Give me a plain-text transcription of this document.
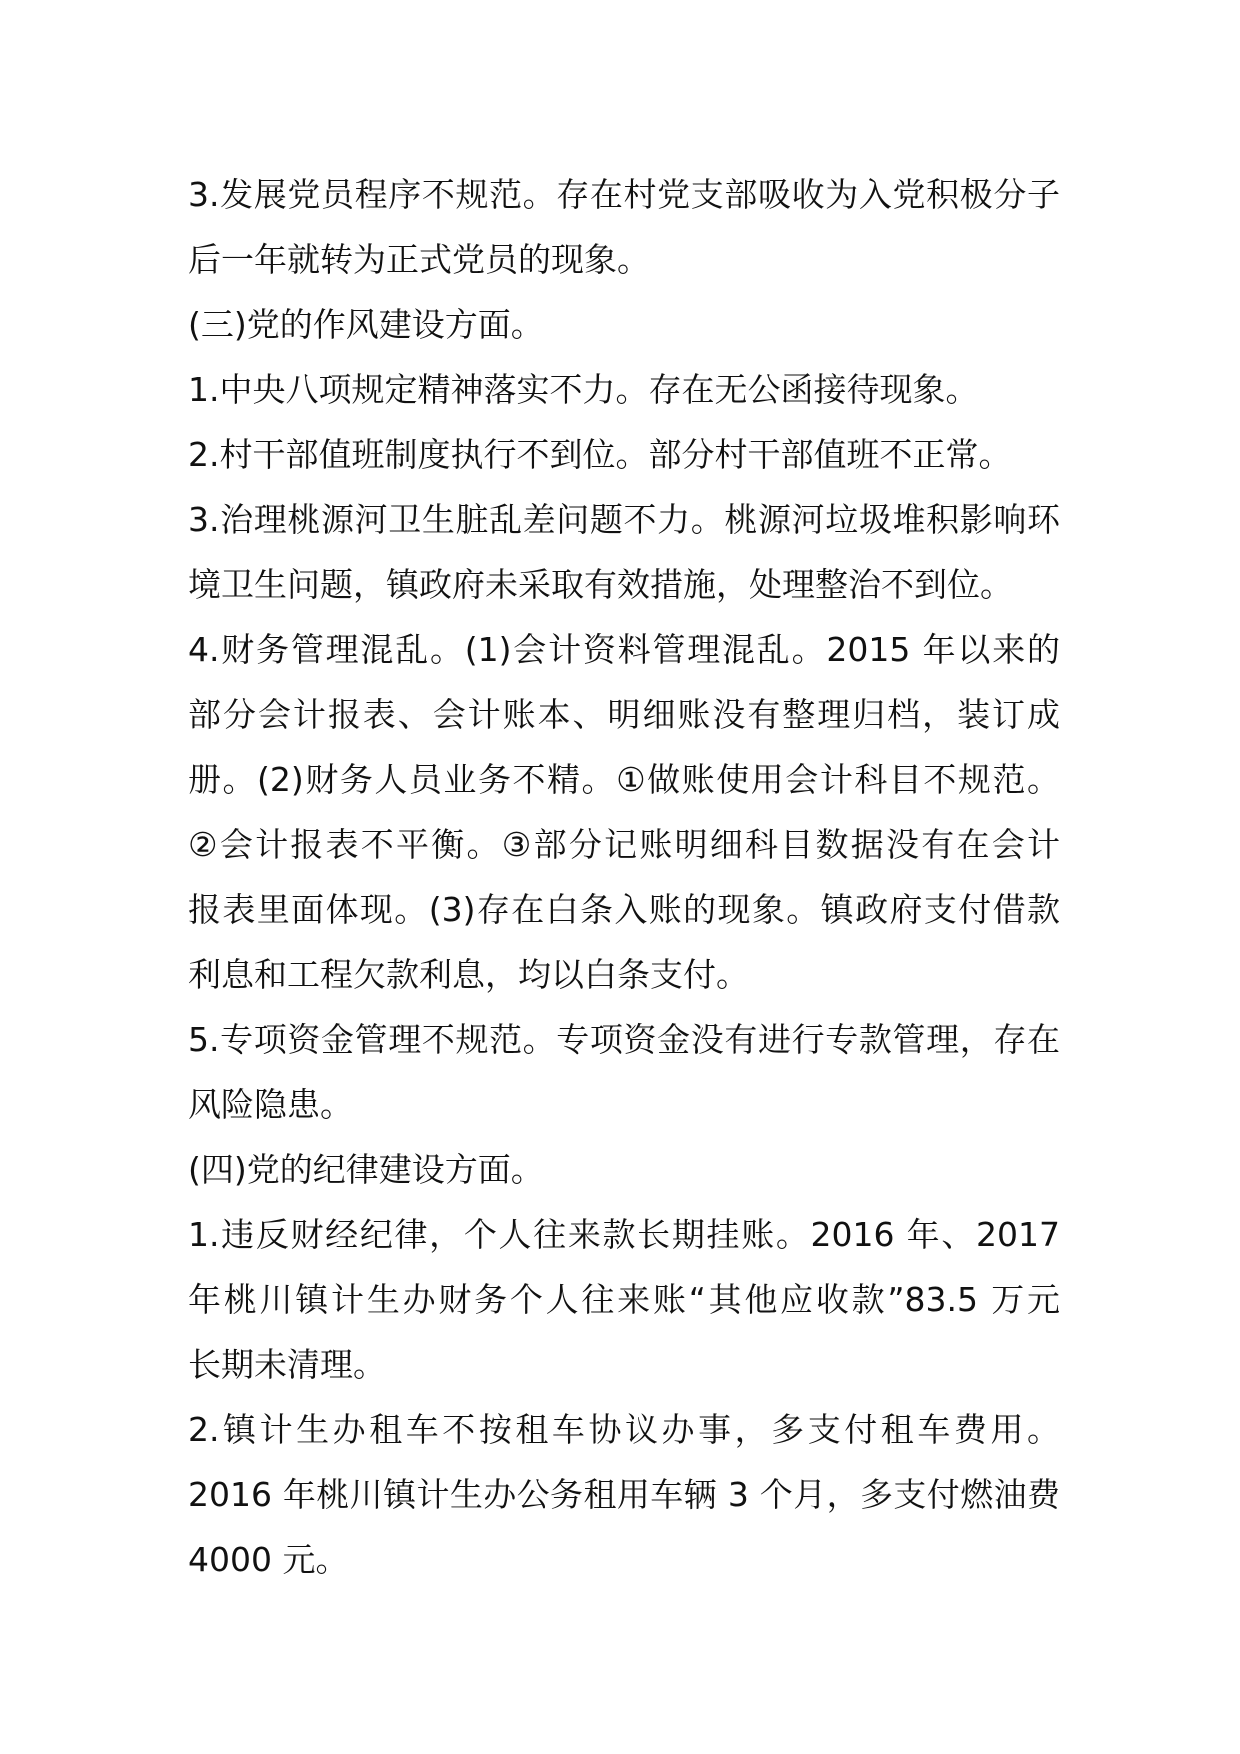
3.发展党员程序不规范。存在村党支部吸收为入党积极分子
后一年就转为正式党员的现象。
(三)党的作风建设方面。
1.中央八项规定精神落实不力。存在无公函接待现象。
2.村干部值班制度执行不到位。部分村干部值班不正常。
3.治理桃源河卫生脏乱差问题不力。桃源河垃圾堆积影响环
境卫生问题，镇政府未采取有效措施，处理整治不到位。
4.财务管理混乱。(1)会计资料管理混乱。2015 年以来的
部分会计报表、会计账本、明细账没有整理归档，装订成
册。(2)财务人员业务不精。①做账使用会计科目不规范。
②会计报表不平衡。③部分记账明细科目数据没有在会计
报表里面体现。(3)存在白条入账的现象。镇政府支付借款
利息和工程欠款利息，均以白条支付。
5.专项资金管理不规范。专项资金没有进行专款管理，存在
风险隐患。
(四)党的纪律建设方面。
1.违反财经纪律，个人往来款长期挂账。2016 年、2017
年桃川镇计生办财务个人往来账“其他应收款”83.5 万元
长期未清理。
2.镇计生办租车不按租车协议办事，多支付租车费用。
2016 年桃川镇计生办公务租用车辆 3 个月，多支付燃油费
4000 元。
